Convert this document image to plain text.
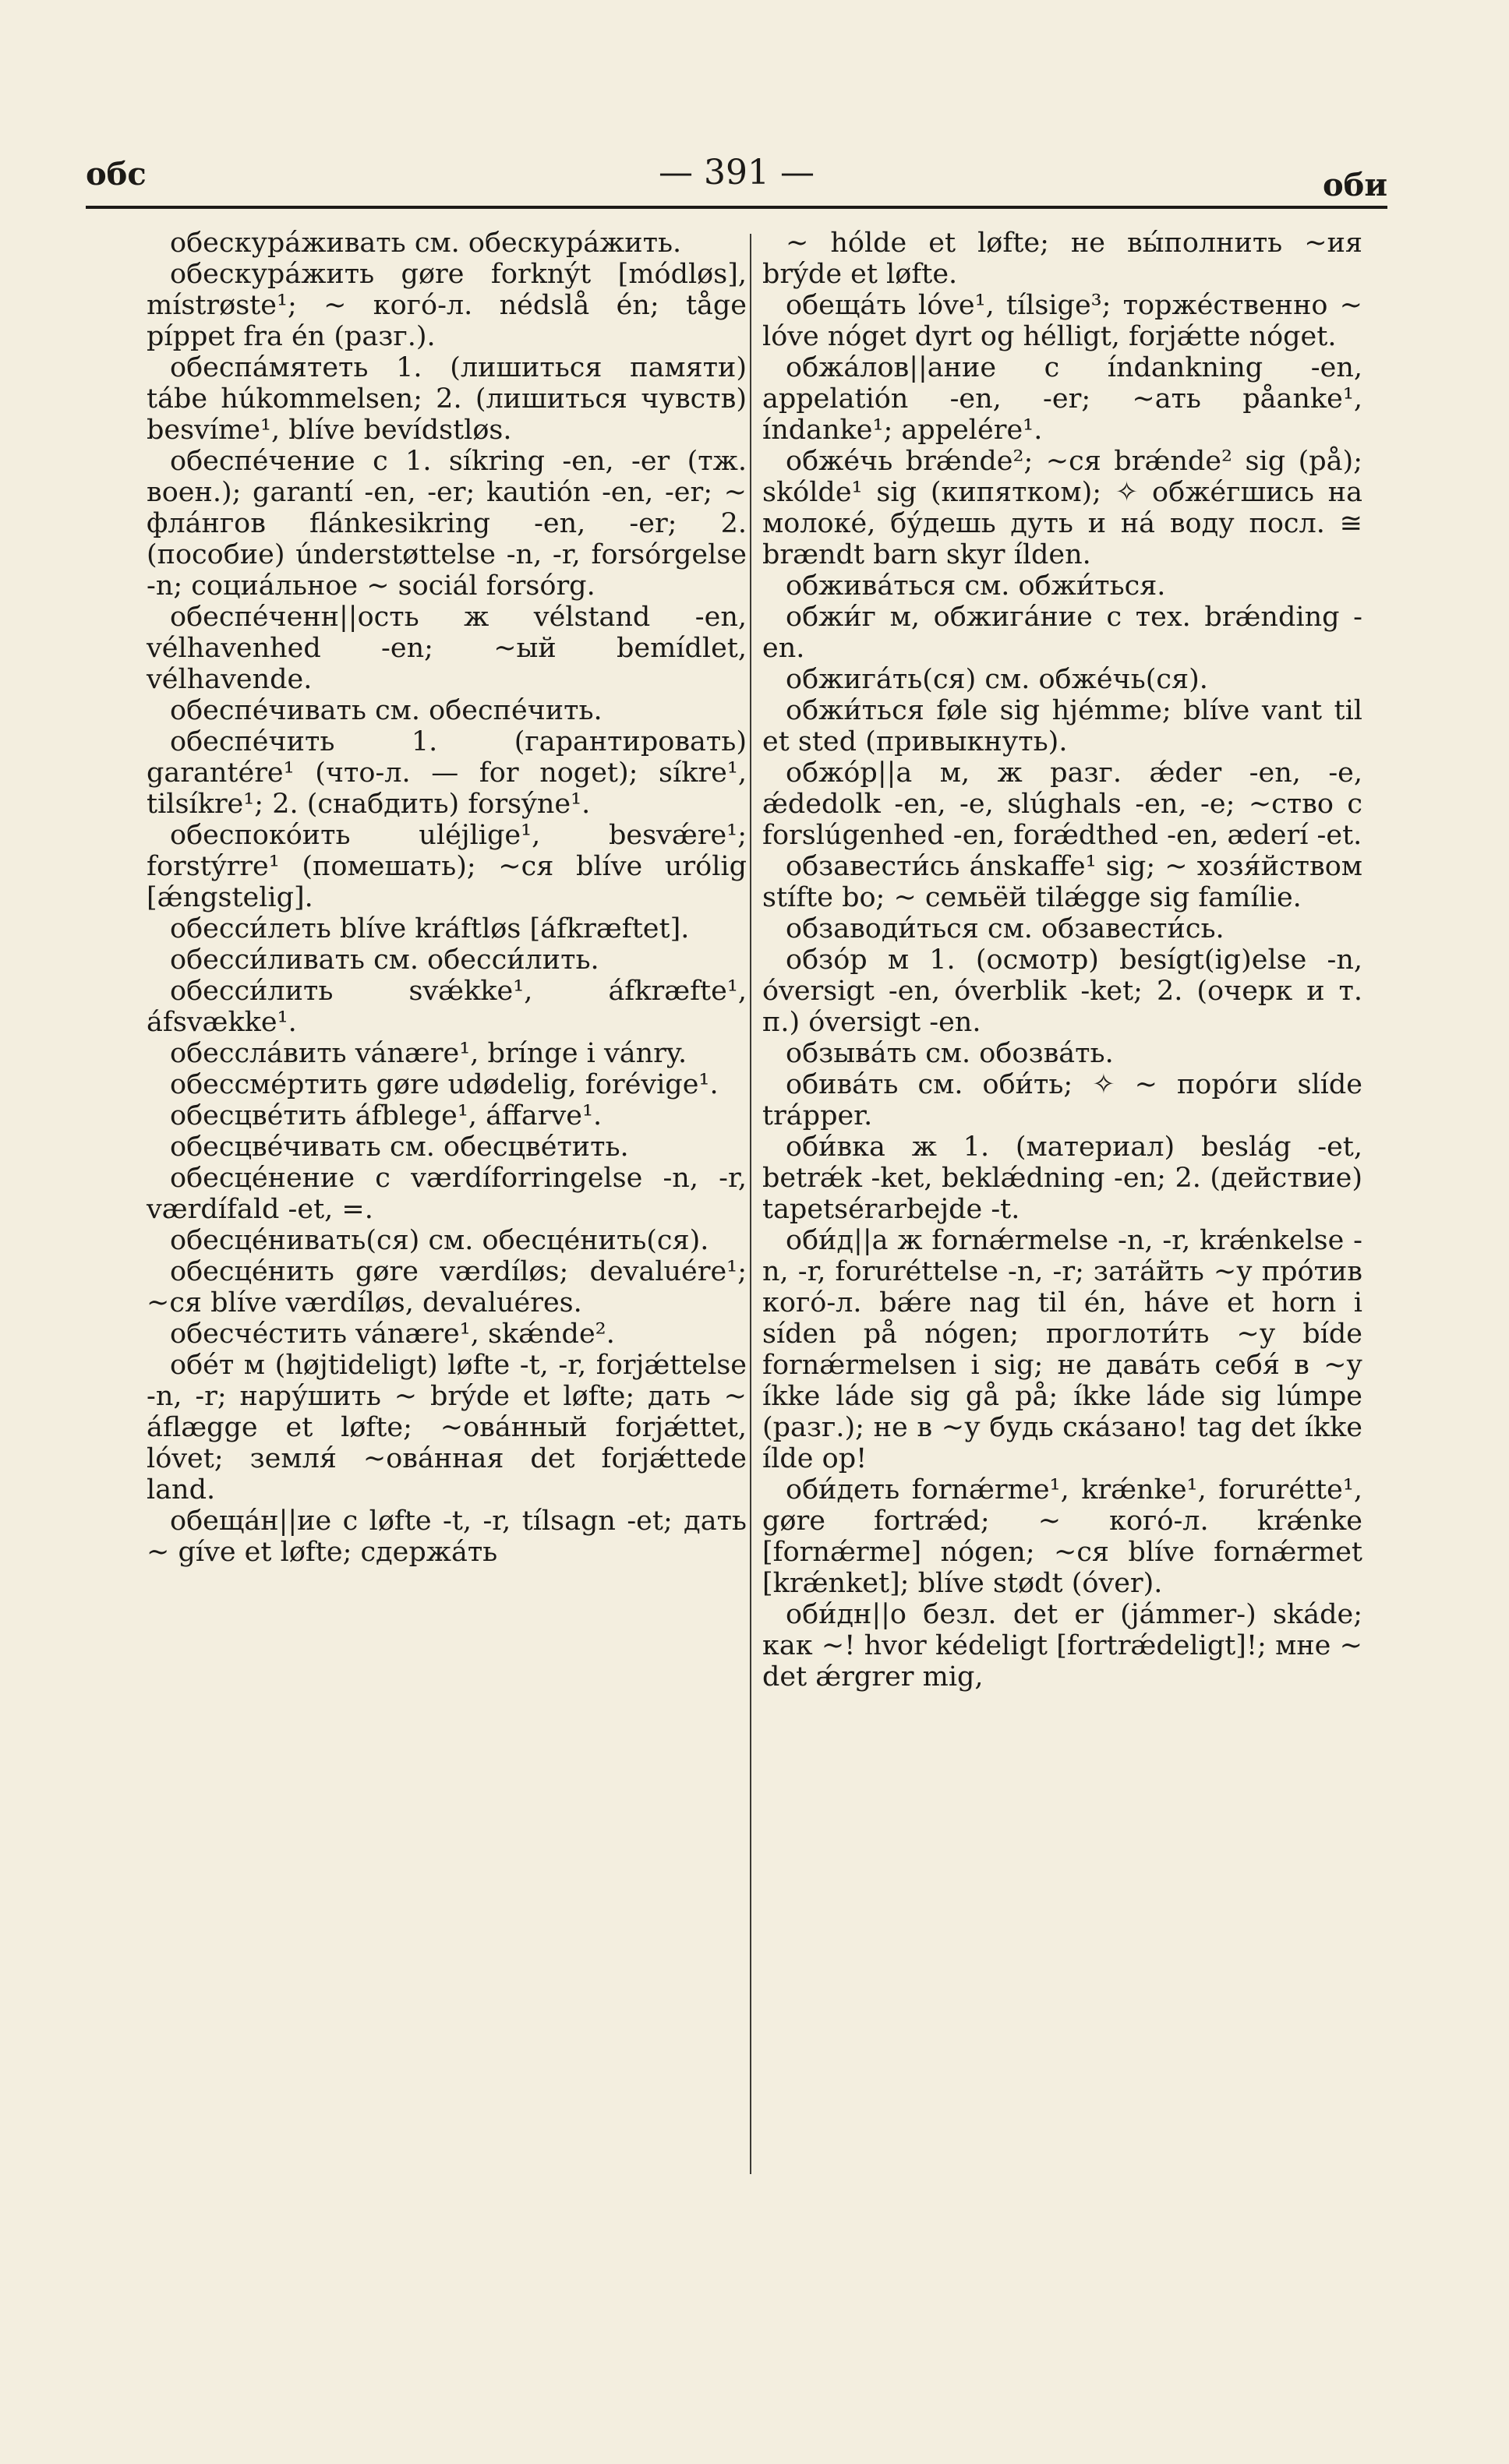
обс	— 391 —	оби

обескура́живать см. обескура́жить.

обескура́жить gøre forknýt [módløs], místrøste¹; ~ когó-л. nédslå én; tåge píppet fra én (разг.).

обеспа́мятеть 1. (лишиться памяти) tábe húkommelsen; 2. (лишиться чувств) besvíme¹, blíve bevídstløs.

обеспе́чение с 1. síkring -en, -er (тж. воен.); garantí -en, -er; kautión -en, -er; ~ фла́нгов flánkesikring -en, -er; 2. (пособие) únderstøttelse -n, -r, forsórgelse -n; социа́льное ~ sociál forsórg.

обеспе́ченн||ость ж vélstand -en, vélhavenhed -en; ~ый bemídlet, vélhavende.

обеспе́чивать см. обеспе́чить.

обеспе́чить 1. (гарантировать) garantére¹ (что-л. — for noget); síkre¹, tilsíkre¹; 2. (снабдить) forsýne¹.

обеспоко́ить uléjlige¹, besvǽre¹; forstýrre¹ (помешать); ~ся blíve urólig [ǽngstelig].

обесси́леть blíve kráftløs [áfkræftet].

обесси́ливать см. обесси́лить.

обесси́лить svǽkke¹, áfkræfte¹, áfsvække¹.

обессла́вить vánære¹, brínge i vánry.

обессме́ртить gøre udødelig, forévige¹.

обесцве́тить áfblege¹, áffarve¹.

обесцве́чивать см. обесцве́тить.

обесце́нение с værdíforringelse -n, -r, værdífald -et, =.

обесце́нивать(ся) см. обесце́нить(ся).

обесце́нить gøre værdíløs; devaluére¹; ~ся blíve værdíløs, devaluéres.

обесче́стить vánære¹, skǽnde².

обе́т м (højtideligt) løfte -t, -r, forjǽttelse -n, -r; нару́шить ~ brýde et løfte; дать ~ áflægge et løfte; ~ова́нный forjǽttet, lóvet; земля́ ~ова́нная det forjǽttede land.

обеща́н||ие с løfte -t, -r, tílsagn -et; дать ~ gíve et løfte; сдержа́ть

~ hólde et løfte; не вы́полнить ~ия brýde et løfte.

обеща́ть lóve¹, tílsige³; торже́ственно ~ lóve nóget dyrt og hélligt, forjǽtte nóget.

обжа́лов||ание с índankning -en, appelatión -en, -er; ~ать påanke¹, índanke¹; appelére¹.

обже́чь brǽnde²; ~ся brǽnde² sig (på); skólde¹ sig (кипятком); ✧ обже́гшись на молоке́, бу́дешь дуть и на́ воду посл. ≅ brændt barn skyr ílden.

обжива́ться см. обжи́ться.

обжи́г м, обжига́ние с тех. brǽnding -en.

обжига́ть(ся) см. обже́чь(ся).

обжи́ться føle sig hjémme; blíve vant til et sted (привыкнуть).

обжо́р||а м, ж разг. ǽder -en, -e, ǽdedolk -en, -e, slúghals -en, -e; ~ство с forslúgenhed -en, forǽdthed -en, æderí -et.

обзавести́сь ánskaffe¹ sig; ~ хозя́йством stífte bo; ~ семьёй tilǽgge sig famílie.

обзаводи́ться см. обзавести́сь.

обзо́р м 1. (осмотр) besígt(ig)else -n, óversigt -en, óverblik -ket; 2. (очерк и т. п.) óversigt -en.

обзыва́ть см. обозва́ть.

обива́ть см. оби́ть; ✧ ~ поро́ги slíde trápper.

оби́вка ж 1. (материал) beslág -et, betrǽk -ket, beklǽdning -en; 2. (действие) tapetsérarbejde -t.

оби́д||а ж fornǽrmelse -n, -r, krǽnkelse -n, -r, foruréttelse -n, -r; зата́йть ~у про́тив когó-л. bǽre nag til én, háve et horn i síden på nógen; проглоти́ть ~у bíde fornǽrmelsen i sig; не дава́ть себя́ в ~у íkke láde sig gå på; íkke láde sig lúmpe (разг.); не в ~у будь ска́зано! tag det íkke ílde op!

оби́деть fornǽrme¹, krǽnke¹, forurétte¹, gøre fortrǽd; ~ когó-л. krǽnke [fornǽrme] nógen; ~ся blíve fornǽrmet [krǽnket]; blíve stødt (óver).

оби́дн||о безл. det er (jámmer-) skáde; как ~! hvor kédeligt [fortrǽdeligt]!; мне ~ det ǽrgrer mig,
